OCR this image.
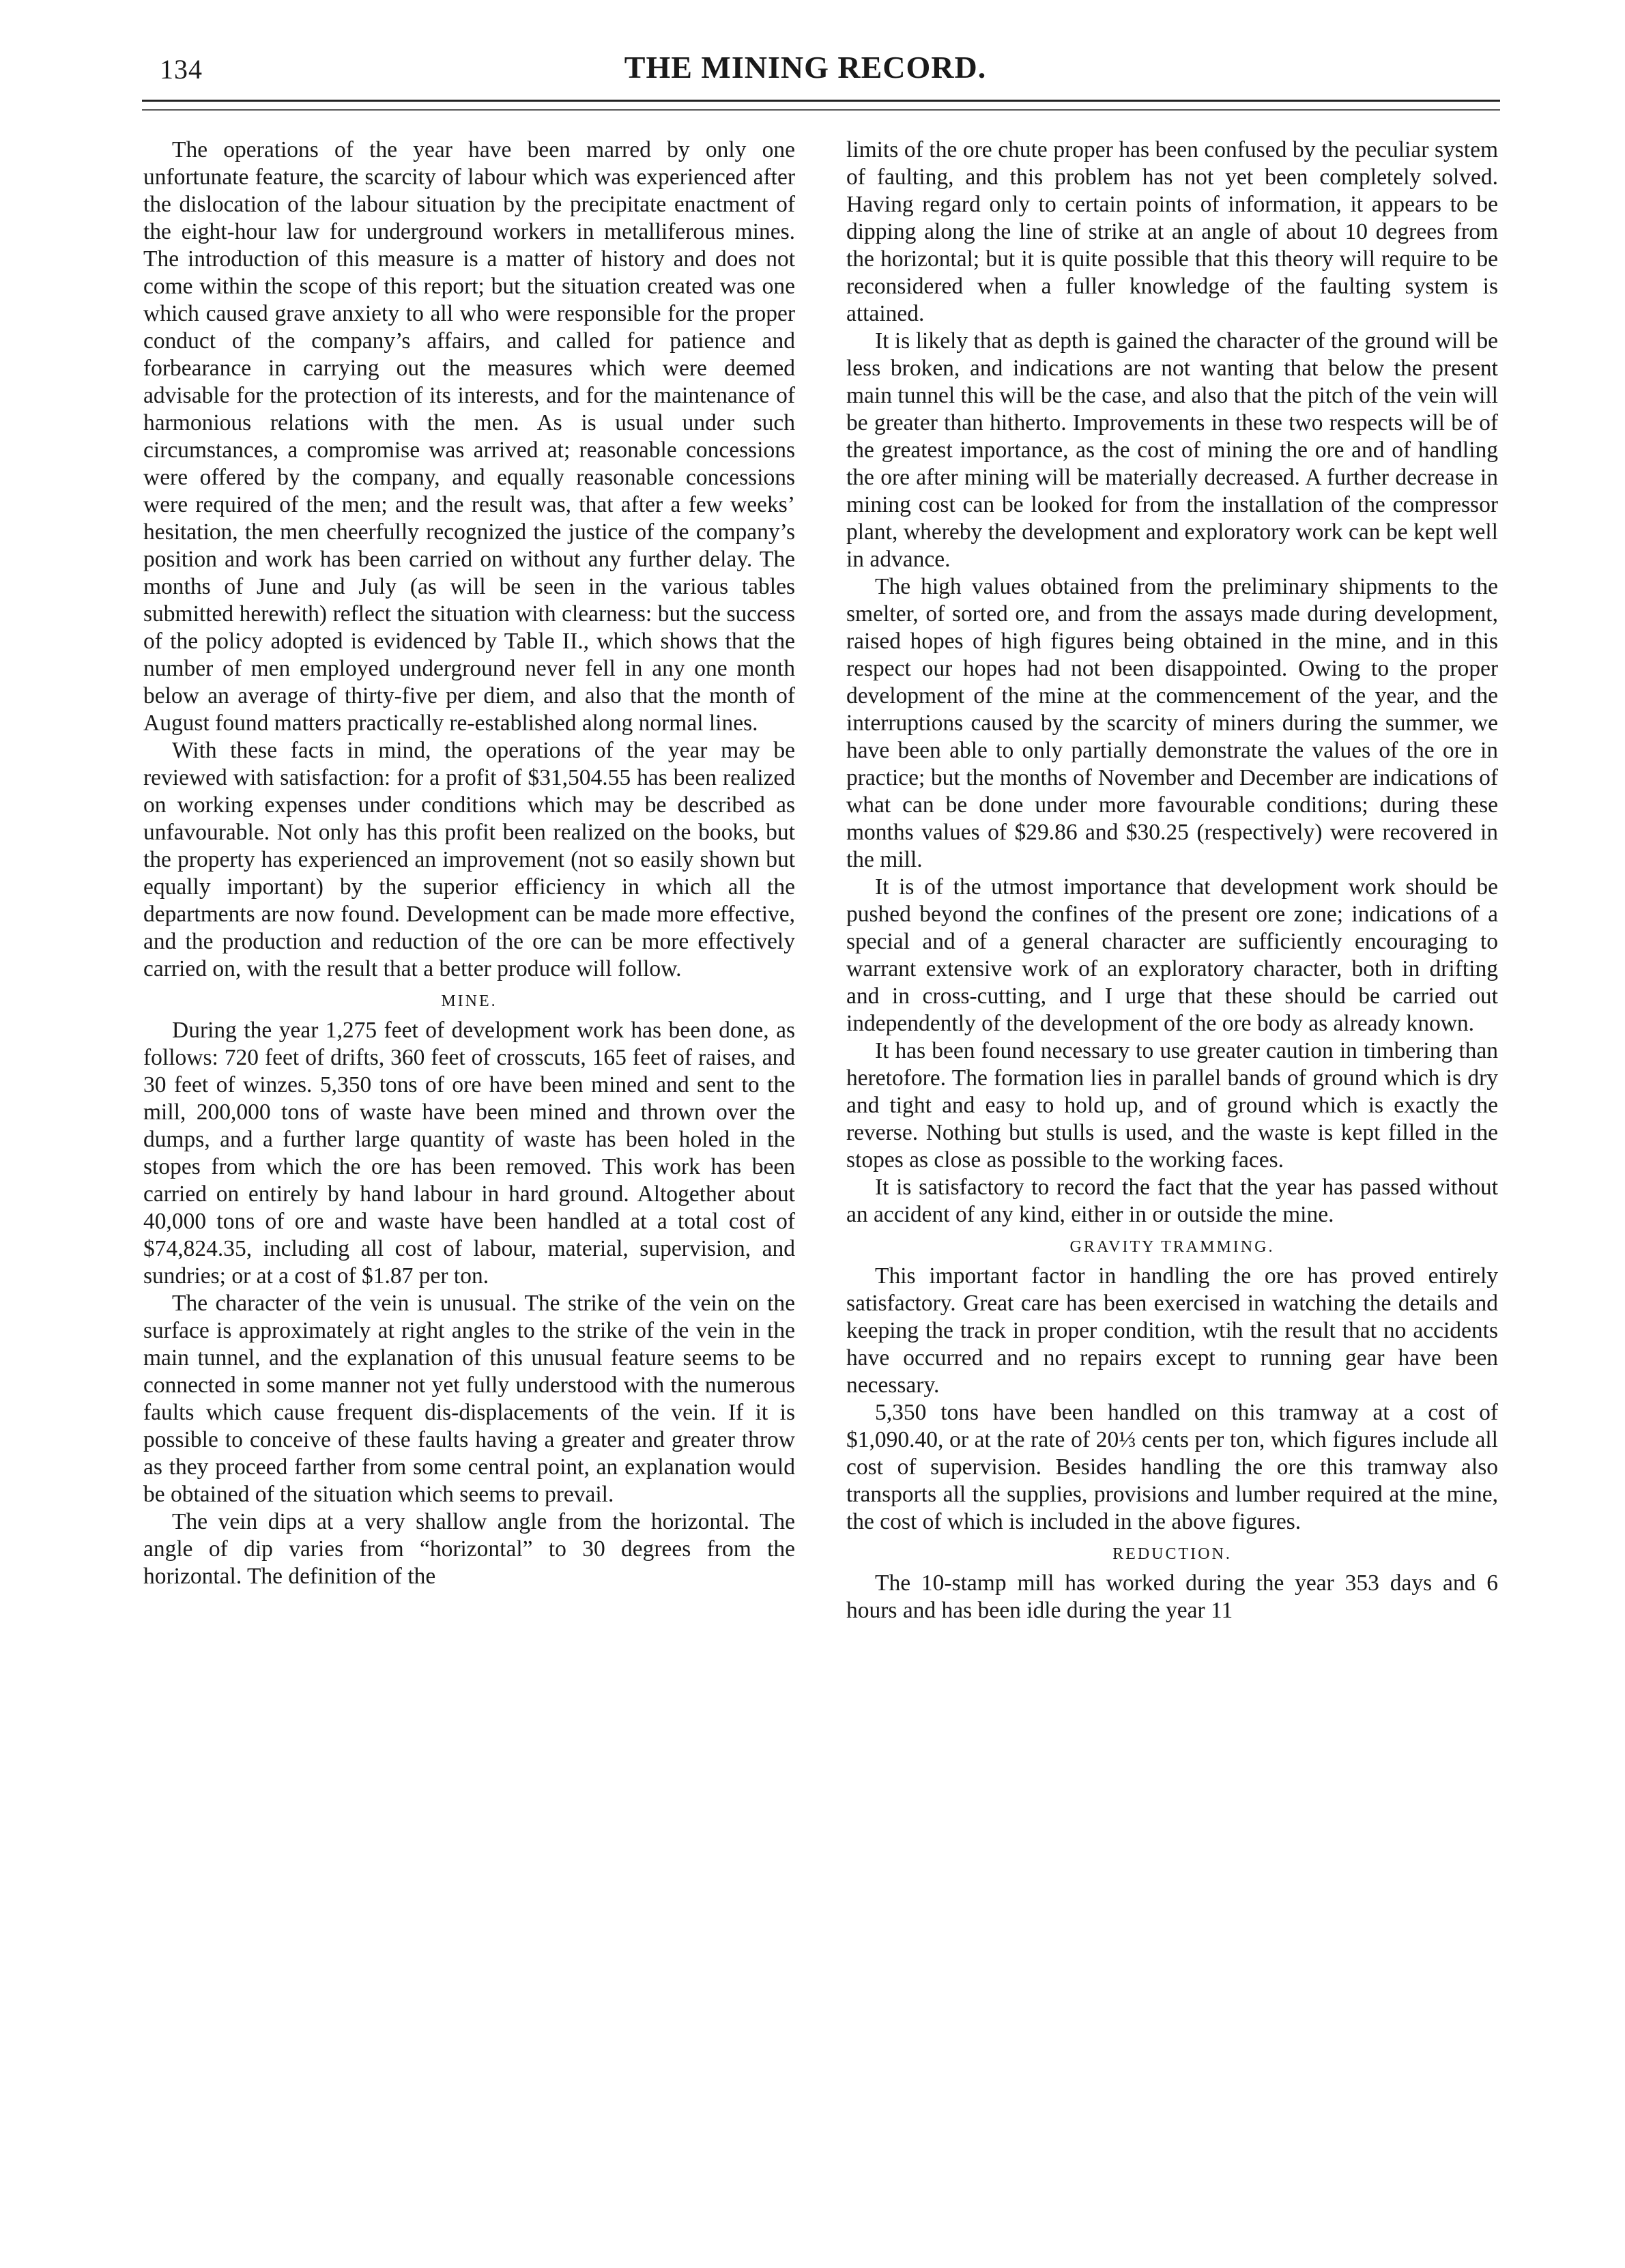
134	THE MINING RECORD.

The operations of the year have been marred by only one unfortunate feature, the scarcity of labour which was experienced after the dislocation of the labour situation by the precipitate enactment of the eight-hour law for underground workers in metalliferous mines. The introduction of this measure is a matter of history and does not come within the scope of this report; but the situation created was one which caused grave anxiety to all who were responsible for the proper conduct of the company’s affairs, and called for patience and forbearance in carrying out the measures which were deemed advisable for the protection of its interests, and for the maintenance of harmonious relations with the men. As is usual under such circumstances, a compromise was arrived at; reasonable concessions were offered by the company, and equally reasonable concessions were required of the men; and the result was, that after a few weeks’ hesitation, the men cheerfully recognized the justice of the company’s position and work has been carried on without any further delay. The months of June and July (as will be seen in the various tables submitted herewith) reflect the situation with clearness: but the success of the policy adopted is evidenced by Table II., which shows that the number of men employed underground never fell in any one month below an average of thirty-five per diem, and also that the month of August found matters practically re-established along normal lines.

With these facts in mind, the operations of the year may be reviewed with satisfaction: for a profit of $31,504.55 has been realized on working expenses under conditions which may be described as unfavourable. Not only has this profit been realized on the books, but the property has experienced an improvement (not so easily shown but equally important) by the superior efficiency in which all the departments are now found. Development can be made more effective, and the production and reduction of the ore can be more effectively carried on, with the result that a better produce will follow.

MINE.

During the year 1,275 feet of development work has been done, as follows: 720 feet of drifts, 360 feet of crosscuts, 165 feet of raises, and 30 feet of winzes. 5,350 tons of ore have been mined and sent to the mill, 200,000 tons of waste have been mined and thrown over the dumps, and a further large quantity of waste has been holed in the stopes from which the ore has been removed. This work has been carried on entirely by hand labour in hard ground. Altogether about 40,000 tons of ore and waste have been handled at a total cost of $74,824.35, including all cost of labour, material, supervision, and sundries; or at a cost of $1.87 per ton.

The character of the vein is unusual. The strike of the vein on the surface is approximately at right angles to the strike of the vein in the main tunnel, and the explanation of this unusual feature seems to be connected in some manner not yet fully understood with the numerous faults which cause frequent dis-displacements of the vein. If it is possible to conceive of these faults having a greater and greater throw as they proceed farther from some central point, an explanation would be obtained of the situation which seems to prevail.

The vein dips at a very shallow angle from the horizontal. The angle of dip varies from “horizontal” to 30 degrees from the horizontal. The definition of the

limits of the ore chute proper has been confused by the peculiar system of faulting, and this problem has not yet been completely solved. Having regard only to certain points of information, it appears to be dipping along the line of strike at an angle of about 10 degrees from the horizontal; but it is quite possible that this theory will require to be reconsidered when a fuller knowledge of the faulting system is attained.

It is likely that as depth is gained the character of the ground will be less broken, and indications are not wanting that below the present main tunnel this will be the case, and also that the pitch of the vein will be greater than hitherto. Improvements in these two respects will be of the greatest importance, as the cost of mining the ore and of handling the ore after mining will be materially decreased. A further decrease in mining cost can be looked for from the installation of the compressor plant, whereby the development and exploratory work can be kept well in advance.

The high values obtained from the preliminary shipments to the smelter, of sorted ore, and from the assays made during development, raised hopes of high figures being obtained in the mine, and in this respect our hopes had not been disappointed. Owing to the proper development of the mine at the commencement of the year, and the interruptions caused by the scarcity of miners during the summer, we have been able to only partially demonstrate the values of the ore in practice; but the months of November and December are indications of what can be done under more favourable conditions; during these months values of $29.86 and $30.25 (respectively) were recovered in the mill.

It is of the utmost importance that development work should be pushed beyond the confines of the present ore zone; indications of a special and of a general character are sufficiently encouraging to warrant extensive work of an exploratory character, both in drifting and in cross-cutting, and I urge that these should be carried out independently of the development of the ore body as already known.

It has been found necessary to use greater caution in timbering than heretofore. The formation lies in parallel bands of ground which is dry and tight and easy to hold up, and of ground which is exactly the reverse. Nothing but stulls is used, and the waste is kept filled in the stopes as close as possible to the working faces.

It is satisfactory to record the fact that the year has passed without an accident of any kind, either in or outside the mine.

GRAVITY TRAMMING.

This important factor in handling the ore has proved entirely satisfactory. Great care has been exercised in watching the details and keeping the track in proper condition, wtih the result that no accidents have occurred and no repairs except to running gear have been necessary.

5,350 tons have been handled on this tramway at a cost of $1,090.40, or at the rate of 20⅓ cents per ton, which figures include all cost of supervision. Besides handling the ore this tramway also transports all the supplies, provisions and lumber required at the mine, the cost of which is included in the above figures.

REDUCTION.

The 10-stamp mill has worked during the year 353 days and 6 hours and has been idle during the year 11
